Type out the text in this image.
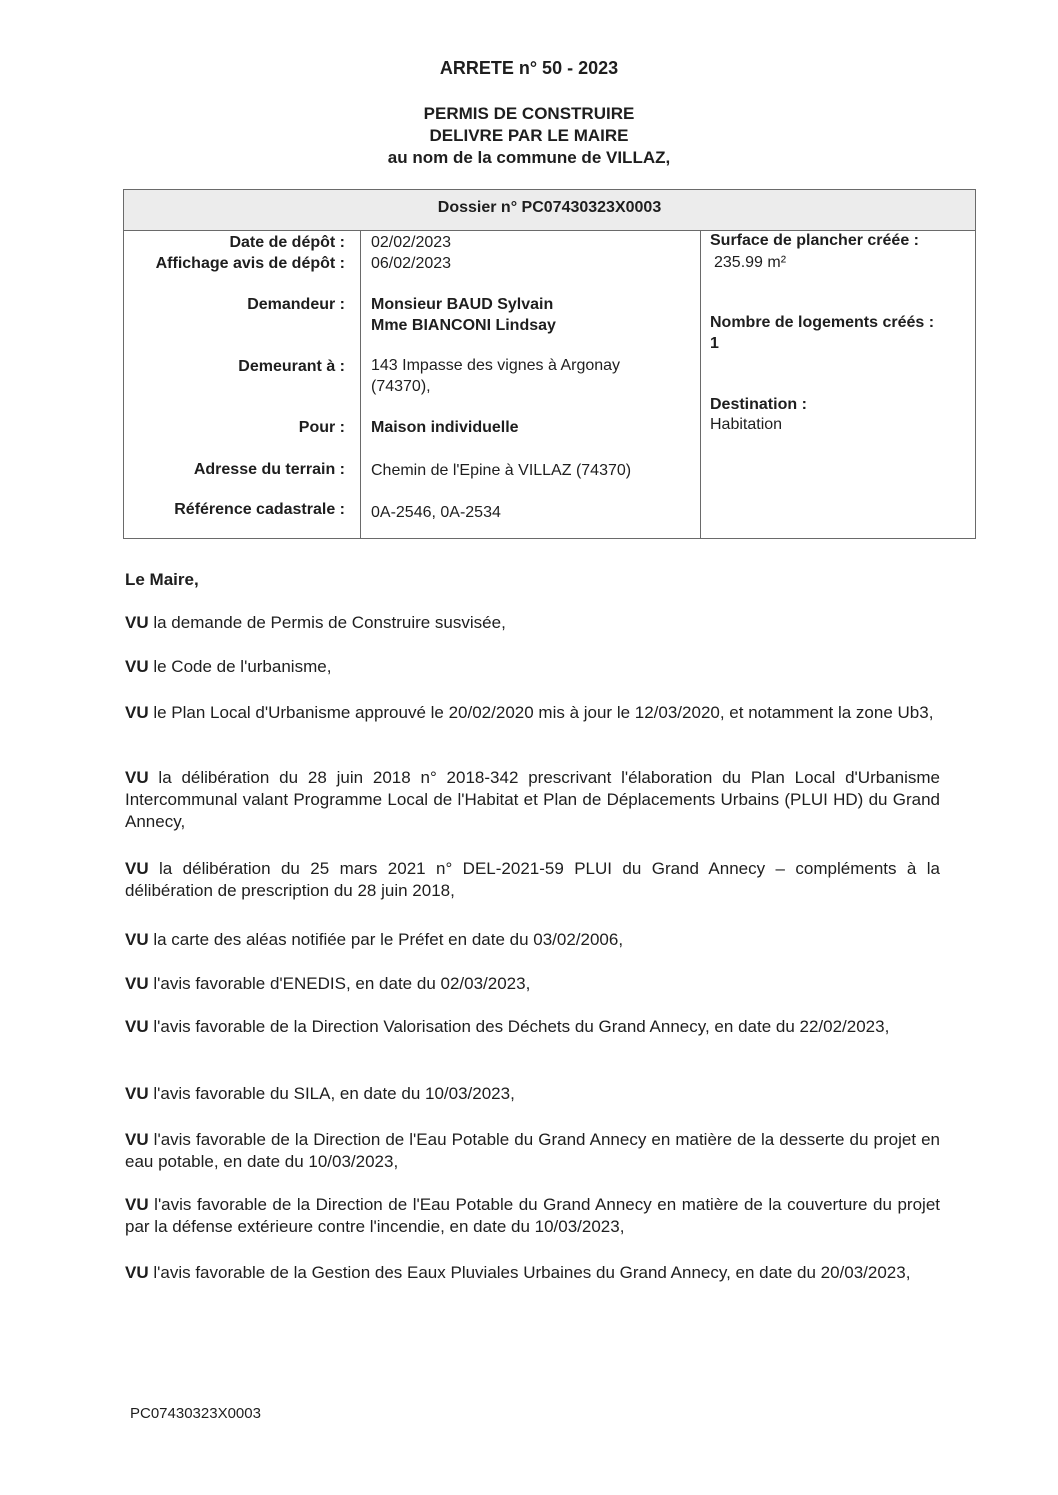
ARRETE n° 50 - 2023
PERMIS DE CONSTRUIRE
DELIVRE PAR LE MAIRE
au nom de la commune de VILLAZ,
Dossier n° PC07430323X0003
Date de dépôt : 02/02/2023
Affichage avis de dépôt : 06/02/2023
Demandeur : Monsieur BAUD Sylvain
Mme BIANCONI Lindsay
Demeurant à : 143 Impasse des vignes à Argonay
(74370),
Pour : Maison individuelle
Adresse du terrain : Chemin de l'Epine à VILLAZ (74370)
Référence cadastrale : 0A-2546, 0A-2534
Surface de plancher créée :
235.99 m²
Nombre de logements créés :
1
Destination :
Habitation

Le Maire,

VU la demande de Permis de Construire susvisée,

VU le Code de l'urbanisme,

VU le Plan Local d'Urbanisme approuvé le 20/02/2020 mis à jour le 12/03/2020, et notamment la zone Ub3,

VU la délibération du 28 juin 2018 n° 2018-342 prescrivant l'élaboration du Plan Local d'Urbanisme Intercommunal valant Programme Local de l'Habitat et Plan de Déplacements Urbains (PLUI HD) du Grand Annecy,

VU la délibération du 25 mars 2021 n° DEL-2021-59 PLUI du Grand Annecy – compléments à la délibération de prescription du 28 juin 2018,

VU la carte des aléas notifiée par le Préfet en date du 03/02/2006,

VU l'avis favorable d'ENEDIS, en date du 02/03/2023,

VU l'avis favorable de la Direction Valorisation des Déchets du Grand Annecy, en date du 22/02/2023,

VU l'avis favorable du SILA, en date du 10/03/2023,

VU l'avis favorable de la Direction de l'Eau Potable du Grand Annecy en matière de la desserte du projet en eau potable, en date du 10/03/2023,

VU l'avis favorable de la Direction de l'Eau Potable du Grand Annecy en matière de la couverture du projet par la défense extérieure contre l'incendie, en date du 10/03/2023,

VU l'avis favorable de la Gestion des Eaux Pluviales Urbaines du Grand Annecy, en date du 20/03/2023,

PC07430323X0003
